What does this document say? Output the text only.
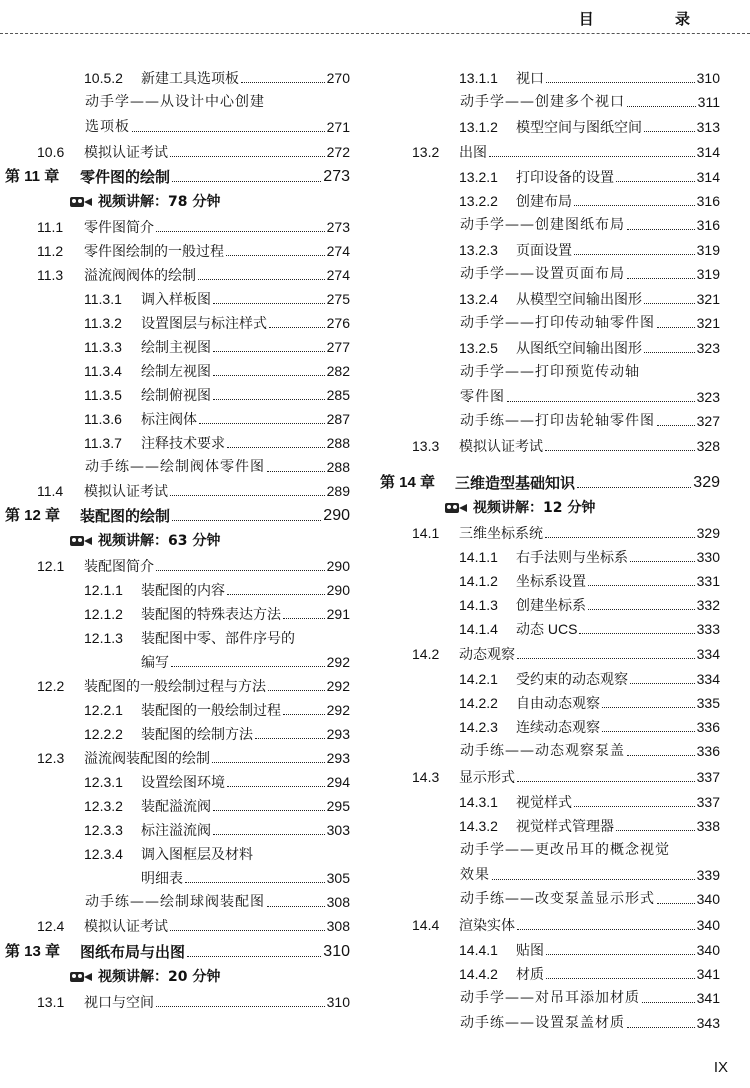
目 录
10.5.2	新建工具选项板	270
动手学——从设计中心创建
选项板	271
10.6	模拟认证考试	272
第 11 章	零件图的绘制	273
视频讲解：78 分钟
11.1	零件图简介	273
11.2	零件图绘制的一般过程	274
11.3	溢流阀阀体的绘制	274
11.3.1	调入样板图	275
11.3.2	设置图层与标注样式	276
11.3.3	绘制主视图	277
11.3.4	绘制左视图	282
11.3.5	绘制俯视图	285
11.3.6	标注阀体	287
11.3.7	注释技术要求	288
动手练——绘制阀体零件图	288
11.4	模拟认证考试	289
第 12 章	装配图的绘制	290
视频讲解：63 分钟
12.1	装配图简介	290
12.1.1	装配图的内容	290
12.1.2	装配图的特殊表达方法	291
12.1.3	装配图中零、部件序号的
编写	292
12.2	装配图的一般绘制过程与方法	292
12.2.1	装配图的一般绘制过程	292
12.2.2	装配图的绘制方法	293
12.3	溢流阀装配图的绘制	293
12.3.1	设置绘图环境	294
12.3.2	装配溢流阀	295
12.3.3	标注溢流阀	303
12.3.4	调入图框层及材料
明细表	305
动手练——绘制球阀装配图	308
12.4	模拟认证考试	308
第 13 章	图纸布局与出图	310
视频讲解：20 分钟
13.1	视口与空间	310
13.1.1	视口	310
动手学——创建多个视口	311
13.1.2	模型空间与图纸空间	313
13.2	出图	314
13.2.1	打印设备的设置	314
13.2.2	创建布局	316
动手学——创建图纸布局	316
13.2.3	页面设置	319
动手学——设置页面布局	319
13.2.4	从模型空间输出图形	321
动手学——打印传动轴零件图	321
13.2.5	从图纸空间输出图形	323
动手学——打印预览传动轴
零件图	323
动手练——打印齿轮轴零件图	327
13.3	模拟认证考试	328
第 14 章	三维造型基础知识	329
视频讲解：12 分钟
14.1	三维坐标系统	329
14.1.1	右手法则与坐标系	330
14.1.2	坐标系设置	331
14.1.3	创建坐标系	332
14.1.4	动态 UCS	333
14.2	动态观察	334
14.2.1	受约束的动态观察	334
14.2.2	自由动态观察	335
14.2.3	连续动态观察	336
动手练——动态观察泵盖	336
14.3	显示形式	337
14.3.1	视觉样式	337
14.3.2	视觉样式管理器	338
动手学——更改吊耳的概念视觉
效果	339
动手练——改变泵盖显示形式	340
14.4	渲染实体	340
14.4.1	贴图	340
14.4.2	材质	341
动手学——对吊耳添加材质	341
动手练——设置泵盖材质	343
IX
